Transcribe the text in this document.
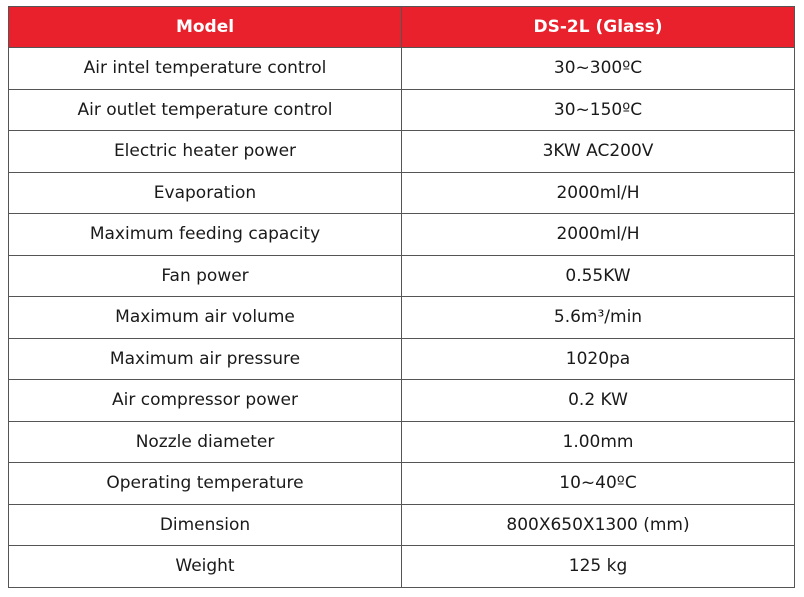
Model	DS-2L (Glass)
Air intel temperature control	30~300ºC
Air outlet temperature control	30~150ºC
Electric heater power	3KW AC200V
Evaporation	2000ml/H
Maximum feeding capacity	2000ml/H
Fan power	0.55KW
Maximum air volume	5.6m³/min
Maximum air pressure	1020pa
Air compressor power	0.2 KW
Nozzle diameter	1.00mm
Operating temperature	10~40ºC
Dimension	800X650X1300 (mm)
Weight	125 kg
